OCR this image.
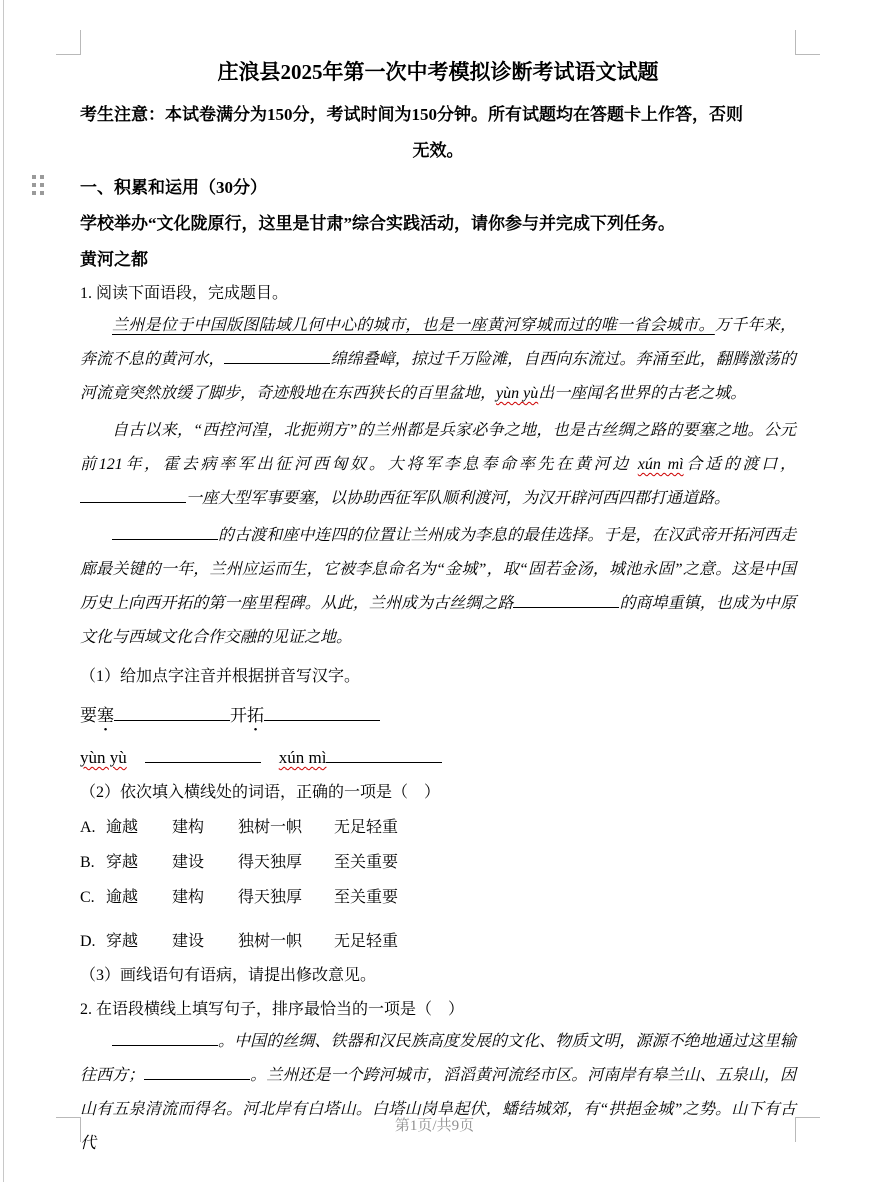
庄浪县2025年第一次中考模拟诊断考试语文试题
考生注意：本试卷满分为150分，考试时间为150分钟。所有试题均在答题卡上作答，否则
无效。
一、积累和运用（30分）
学校举办“文化陇原行，这里是甘肃”综合实践活动，请你参与并完成下列任务。
黄河之都
1. 阅读下面语段，完成题目。
兰州是位于中国版图陆域几何中心的城市，也是一座黄河穿城而过的唯一省会城市。万千年来，奔流不息的黄河水，	绵绵叠嶂，掠过千万险滩，自西向东流过。奔涌至此，翻腾激荡的河流竟突然放缓了脚步，奇迹般地在东西狭长的百里盆地，yùn yù出一座闻名世界的古老之城。
自古以来，“西控河湟，北扼朔方”的兰州都是兵家必争之地，也是古丝绸之路的要塞之地。公元前121年，霍去病率军出征河西匈奴。大将军李息奉命率先在黄河边 xún mì合适的渡口，一座大型军事要塞，以协助西征军队顺利渡河，为汉开辟河西四郡打通道路。
的古渡和座中连四的位置让兰州成为李息的最佳选择。于是，在汉武帝开拓河西走廊最关键的一年，兰州应运而生，它被李息命名为“金城”，取“固若金汤，城池永固”之意。这是中国历史上向西开拓的第一座里程碑。从此，兰州成为古丝绸之路	的商埠重镇，也成为中原文化与西域文化合作交融的见证之地。
（1）给加点字注音并根据拼音写汉字。
要塞	开拓
yùn yù	xún mì
（2）依次填入横线处的词语，正确的一项是（　）
A. 逾越 建构 独树一帜 无足轻重
B. 穿越 建设 得天独厚 至关重要
C. 逾越 建构 得天独厚 至关重要
D. 穿越 建设 独树一帜 无足轻重
（3）画线语句有语病，请提出修改意见。
2. 在语段横线上填写句子，排序最恰当的一项是（　）
。中国的丝绸、铁器和汉民族高度发展的文化、物质文明，源源不绝地通过这里输往西方；	。兰州还是一个跨河城市，滔滔黄河流经市区。河南岸有皋兰山、五泉山，因山有五泉清流而得名。河北岸有白塔山。白塔山岗阜起伏，蟠结城郊，有“拱挹金城”之势。山下有古代
第1页/共9页
